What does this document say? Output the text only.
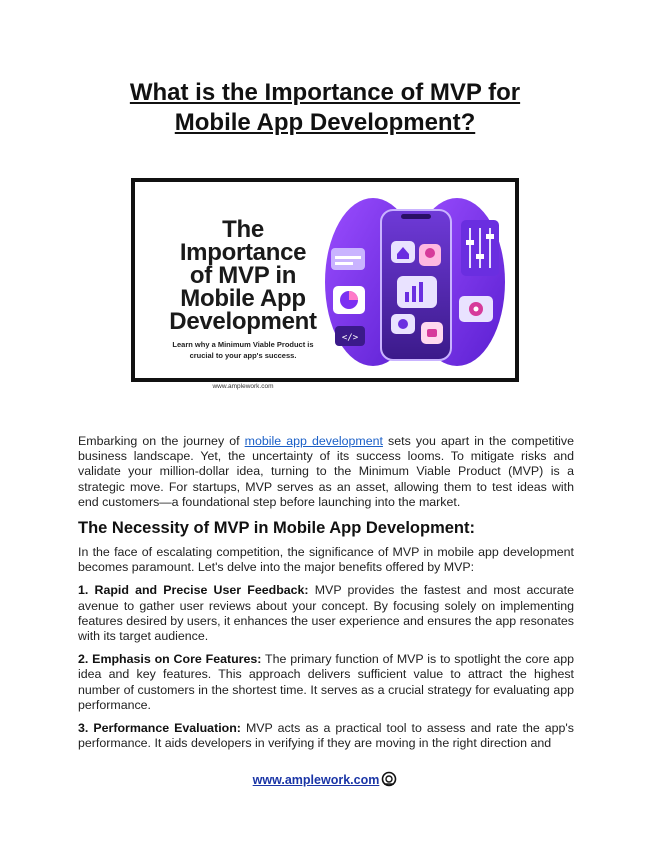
What is the Importance of MVP for
Mobile App Development?
The
Importance
of MVP in
Mobile App
Development
Learn why a Minimum Viable Product is
crucial to your app's success.
www.amplework.com
</>

Embarking on the journey of mobile app development sets you apart in the competitive business landscape. Yet, the uncertainty of its success looms. To mitigate risks and validate your million-dollar idea, turning to the Minimum Viable Product (MVP) is a strategic move. For startups, MVP serves as an asset, allowing them to test ideas with end customers—a foundational step before launching into the market.

The Necessity of MVP in Mobile App Development:

In the face of escalating competition, the significance of MVP in mobile app development becomes paramount. Let's delve into the major benefits offered by MVP:

1. Rapid and Precise User Feedback: MVP provides the fastest and most accurate avenue to gather user reviews about your concept. By focusing solely on implementing features desired by users, it enhances the user experience and ensures the app resonates with its target audience.

2. Emphasis on Core Features: The primary function of MVP is to spotlight the core app idea and key features. This approach delivers sufficient value to attract the highest number of customers in the shortest time. It serves as a crucial strategy for evaluating app performance.

3. Performance Evaluation: MVP acts as a practical tool to assess and rate the app's performance. It aids developers in verifying if they are moving in the right direction and

www.amplework.com
